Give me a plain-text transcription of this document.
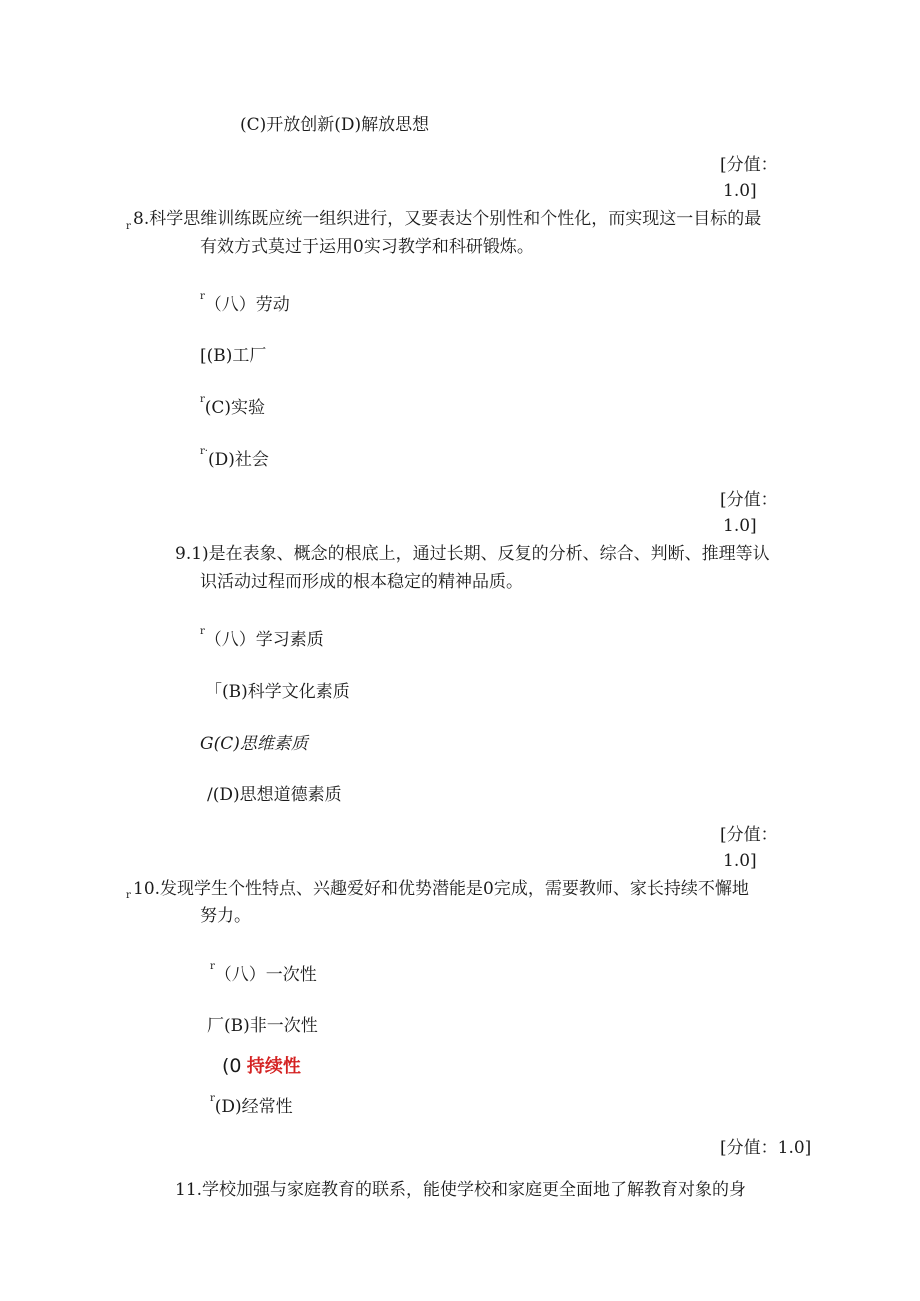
(C)开放创新(D)解放思想
[分值：
1.0]
r 8.科学思维训练既应统一组织进行，又要表达个别性和个性化，而实现这一目标的最
有效方式莫过于运用0实习教学和科研锻炼。
$^r$（八）劳动
[(B)工厂
$^r$(C)实验
$^{r\cdot}$(D)社会
[分值：
1.0]
9.1)是在表象、概念的根底上，通过长期、反复的分析、综合、判断、推理等认
识活动过程而形成的根本稳定的精神品质。
$^r$（八）学习素质
「(B)科学文化素质
G(C)思维素质
/(D)思想道德素质
[分值：
1.0]
r 10.发现学生个性特点、兴趣爱好和优势潜能是0完成，需要教师、家长持续不懈地
努力。
$^r$（八）一次性
厂(B)非一次性
(0 持续性
$^r$(D)经常性
[分值：1.0]
11.学校加强与家庭教育的联系，能使学校和家庭更全面地了解教育对象的身
